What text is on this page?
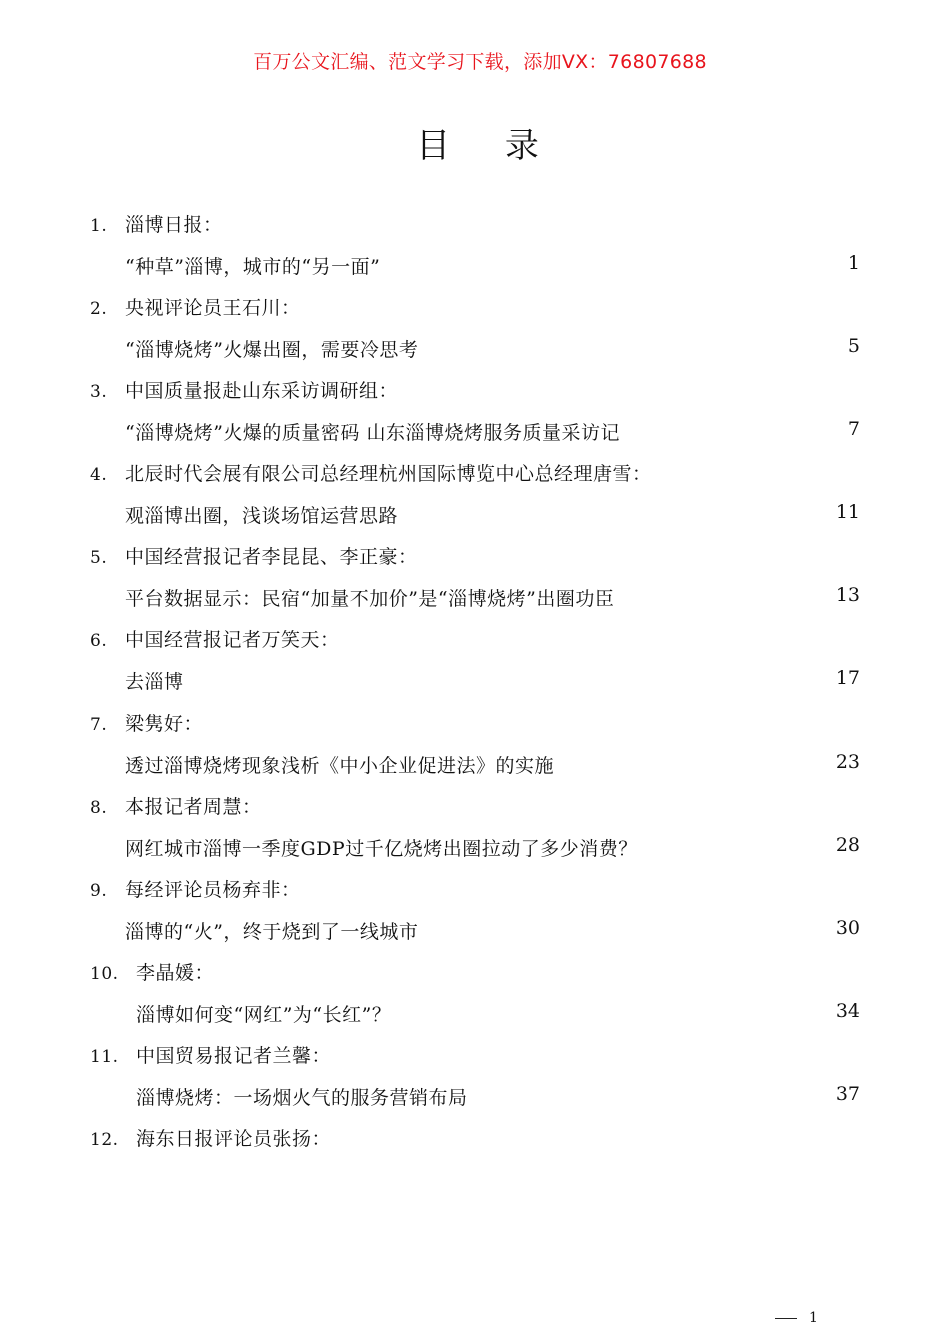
百万公文汇编、范文学习下载，添加VX：76807688
目 录
1. 淄博日报：
“种草”淄博，城市的“另一面”	1
2. 央视评论员王石川：
“淄博烧烤”火爆出圈，需要冷思考	5
3. 中国质量报赴山东采访调研组：
“淄博烧烤”火爆的质量密码 山东淄博烧烤服务质量采访记	7
4. 北辰时代会展有限公司总经理杭州国际博览中心总经理唐雪：
观淄博出圈，浅谈场馆运营思路	11
5. 中国经营报记者李昆昆、李正豪：
平台数据显示：民宿“加量不加价”是“淄博烧烤”出圈功臣	13
6. 中国经营报记者万笑天：
去淄博	17
7. 梁隽好：
透过淄博烧烤现象浅析《中小企业促进法》的实施	23
8. 本报记者周慧：
网红城市淄博一季度GDP过千亿烧烤出圈拉动了多少消费？	28
9. 每经评论员杨弃非：
淄博的“火”，终于烧到了一线城市	30
10. 李晶媛：
淄博如何变“网红”为“长红”？	34
11. 中国贸易报记者兰馨：
淄博烧烤：一场烟火气的服务营销布局	37
12. 海东日报评论员张扬：
1
